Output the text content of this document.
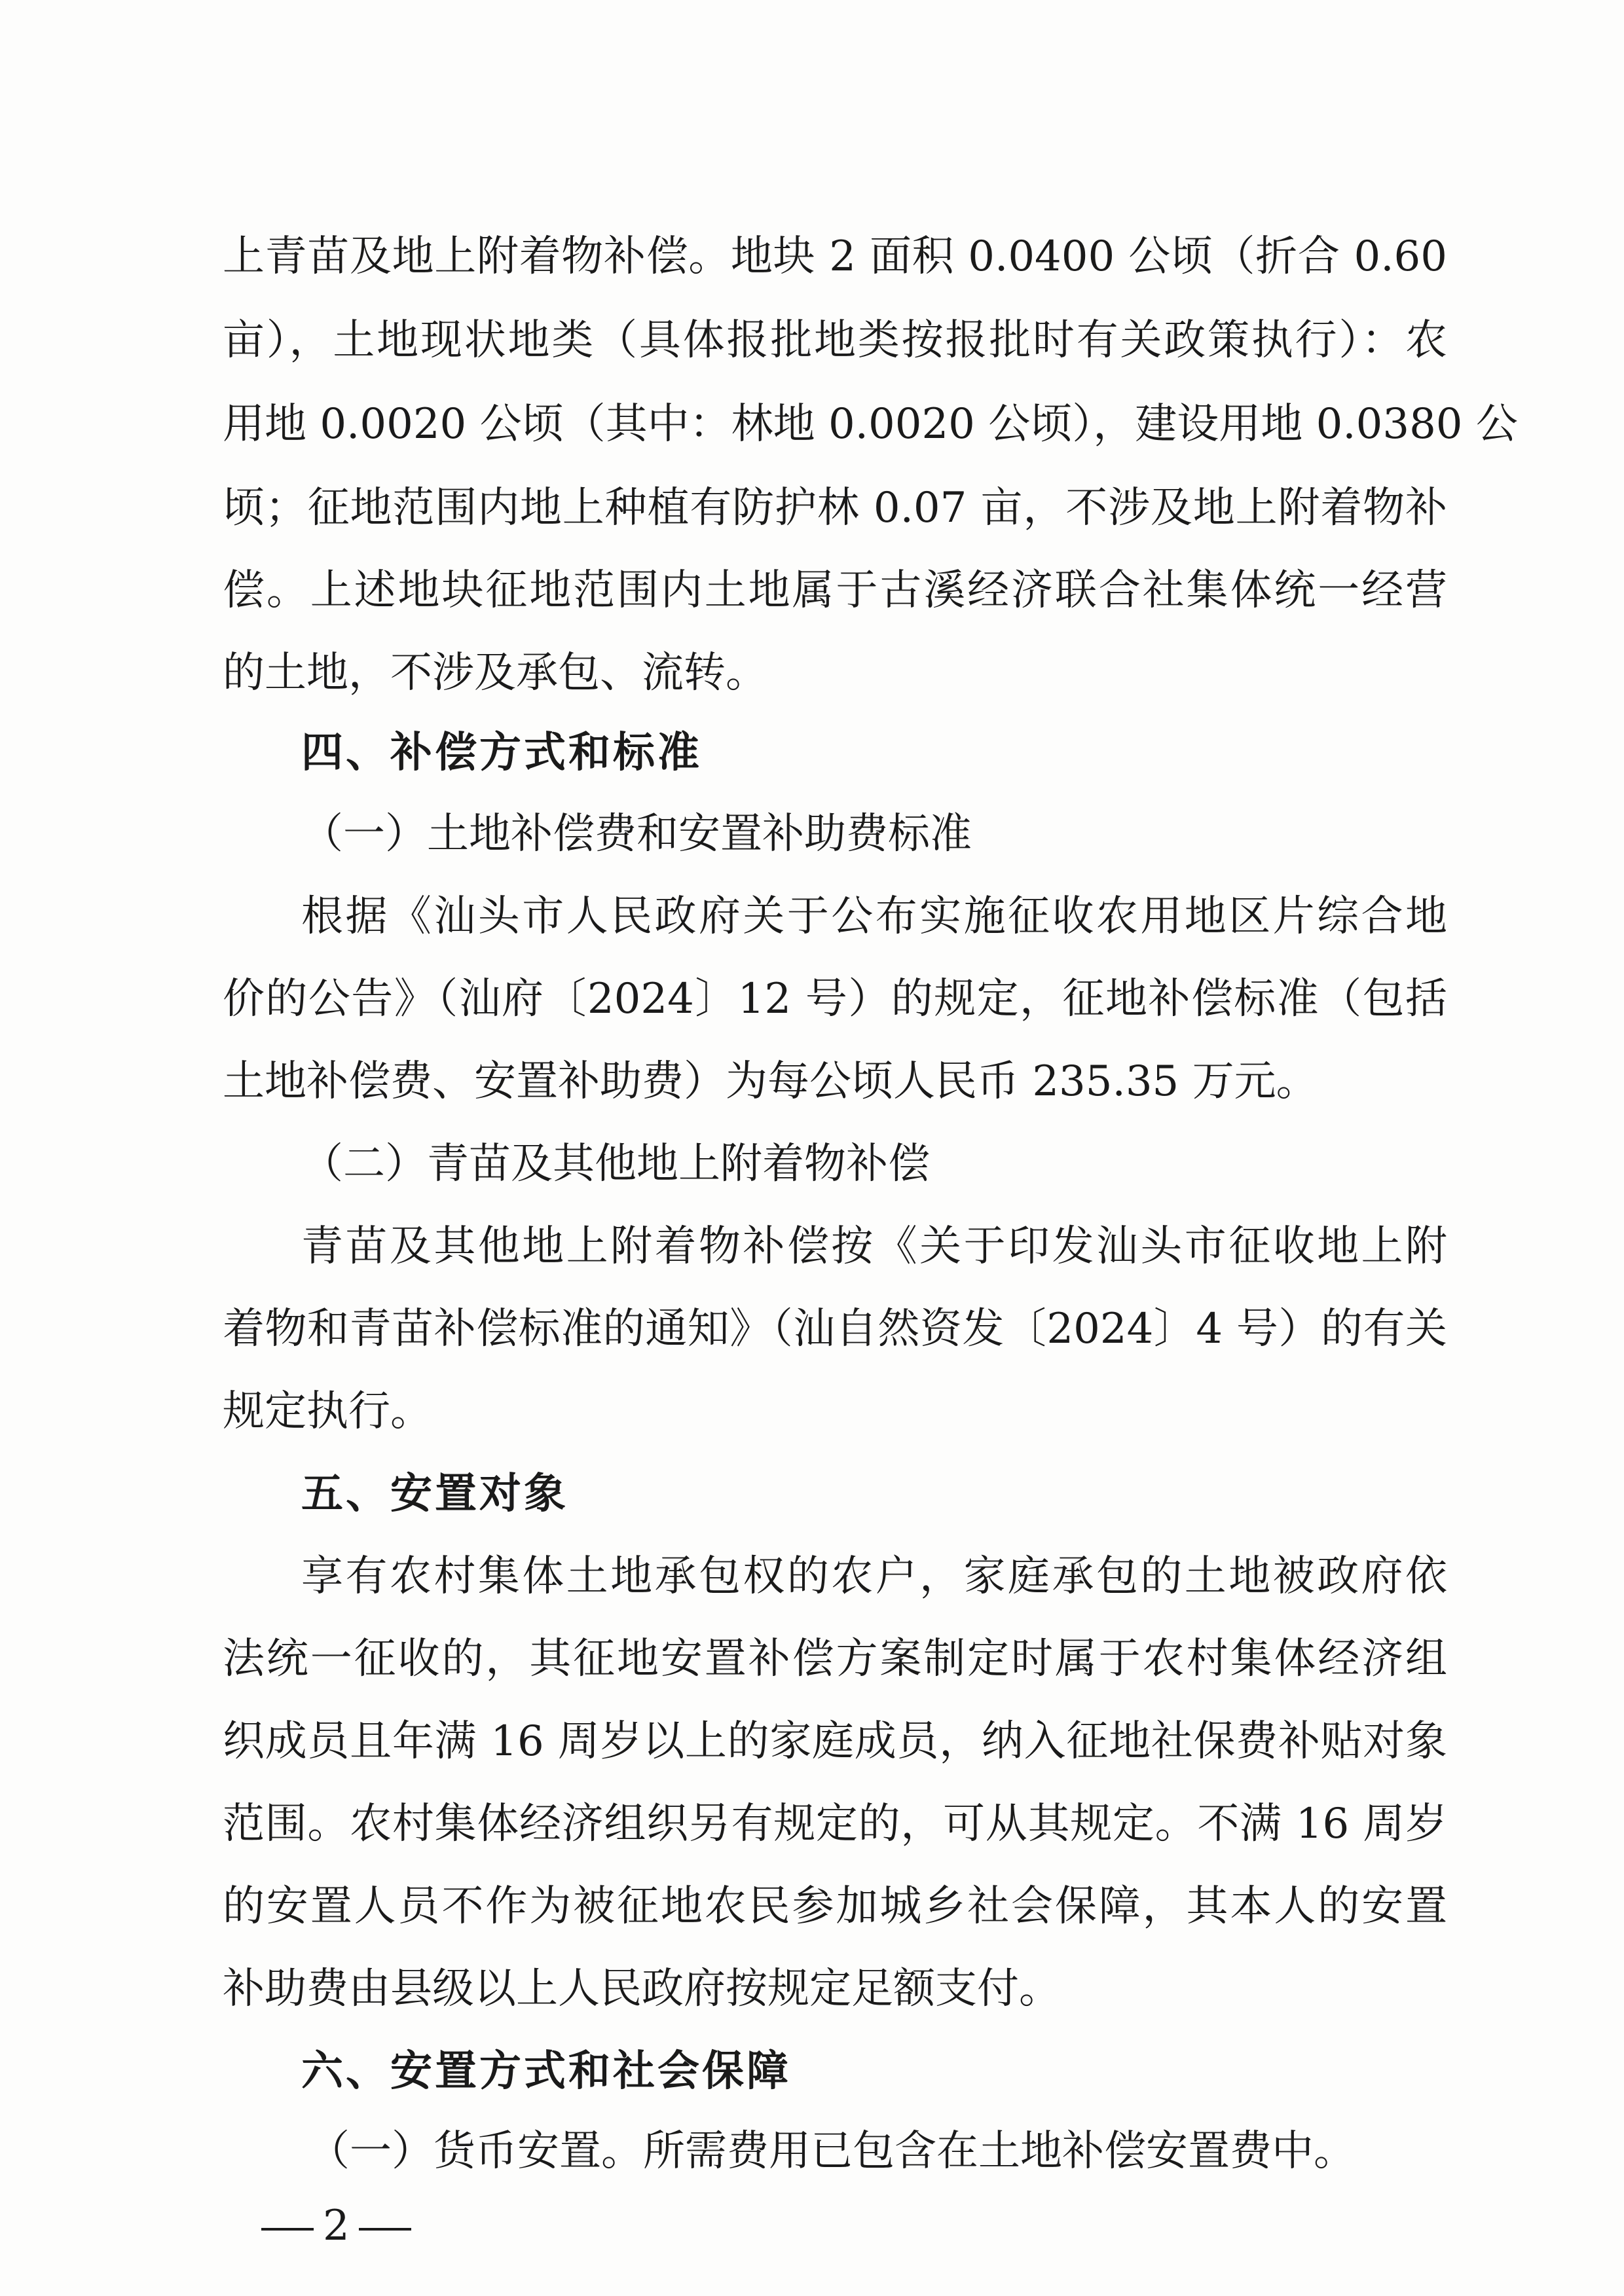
上青苗及地上附着物补偿。地块 2 面积 0.0400 公顷（折合 0.60
亩），土地现状地类（具体报批地类按报批时有关政策执行）：农
用地 0.0020 公顷（其中：林地 0.0020 公顷），建设用地 0.0380 公
顷；征地范围内地上种植有防护林 0.07 亩，不涉及地上附着物补
偿。上述地块征地范围内土地属于古溪经济联合社集体统一经营
的土地，不涉及承包、流转。
四、补偿方式和标准
（一）土地补偿费和安置补助费标准
根据《汕头市人民政府关于公布实施征收农用地区片综合地
价的公告》（汕府〔2024〕12 号）的规定，征地补偿标准（包括
土地补偿费、安置补助费）为每公顷人民币 235.35 万元。
（二）青苗及其他地上附着物补偿
青苗及其他地上附着物补偿按《关于印发汕头市征收地上附
着物和青苗补偿标准的通知》（汕自然资发〔2024〕4 号）的有关
规定执行。
五、安置对象
享有农村集体土地承包权的农户，家庭承包的土地被政府依
法统一征收的，其征地安置补偿方案制定时属于农村集体经济组
织成员且年满 16 周岁以上的家庭成员，纳入征地社保费补贴对象
范围。农村集体经济组织另有规定的，可从其规定。不满 16 周岁
的安置人员不作为被征地农民参加城乡社会保障，其本人的安置
补助费由县级以上人民政府按规定足额支付。
六、安置方式和社会保障
（一）货币安置。所需费用已包含在土地补偿安置费中。
2
